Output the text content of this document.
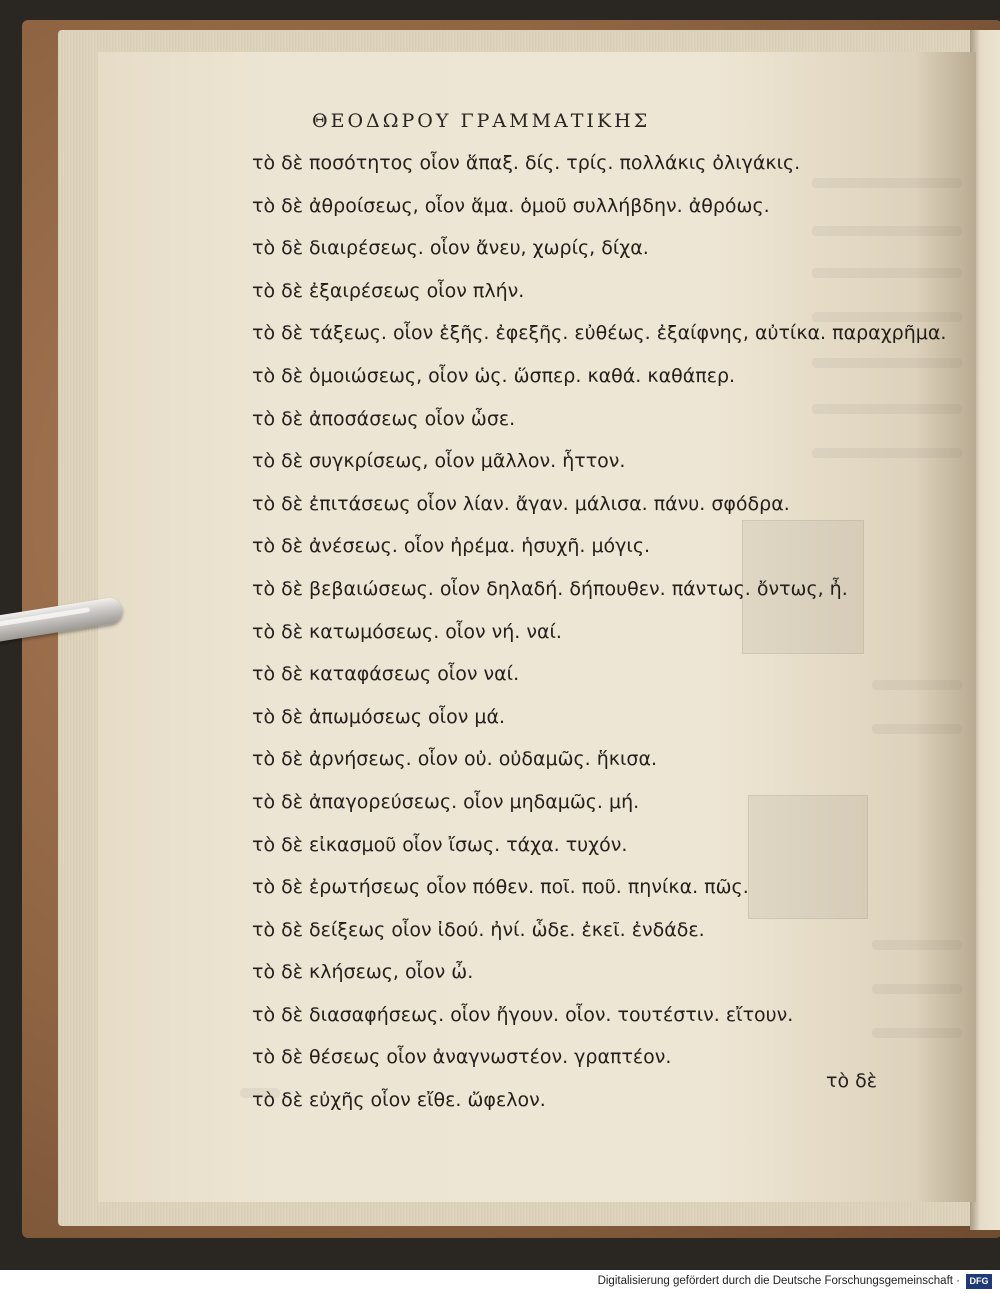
ΘΕΟΔΩΡΟΥ ΓΡΑΜΜΑΤΙΚΗΣ
τὸ δὲ ποσότητος οἷον ἅπαξ. δίς. τρίς. πολλάκις ὀλιγάκις.
τὸ δὲ ἀθροίσεως, οἷον ἅμα. ὁμοῦ συλλήβδην. ἀθρόως.
τὸ δὲ διαιρέσεως. οἷον ἄνευ, χωρίς, δίχα.
τὸ δὲ ἐξαιρέσεως οἷον πλήν.
τὸ δὲ τάξεως. οἷον ἑξῆς. ἐφεξῆς. εὐθέως. ἐξαίφνης, αὐτίκα. παραχρῆμα.
τὸ δὲ ὁμοιώσεως, οἷον ὡς. ὥσπερ. καθά. καθάπερ.
τὸ δὲ ἀποσάσεως οἷον ὧσε.
τὸ δὲ συγκρίσεως, οἷον μᾶλλον. ἧττον.
τὸ δὲ ἐπιτάσεως οἷον λίαν. ἄγαν. μάλισα. πάνυ. σφόδρα.
τὸ δὲ ἀνέσεως. οἷον ἠρέμα. ἡσυχῆ. μόγις.
τὸ δὲ βεβαιώσεως. οἷον δηλαδή. δήπουθεν. πάντως. ὄντως, ἦ.
τὸ δὲ κατωμόσεως. οἷον νή. ναί.
τὸ δὲ καταφάσεως οἷον ναί.
τὸ δὲ ἀπωμόσεως οἷον μά.
τὸ δὲ ἀρνήσεως. οἷον οὐ. οὐδαμῶς. ἥκισα.
τὸ δὲ ἀπαγορεύσεως. οἷον μηδαμῶς. μή.
τὸ δὲ εἰκασμοῦ οἷον ἴσως. τάχα. τυχόν.
τὸ δὲ ἐρωτήσεως οἷον πόθεν. ποῖ. ποῦ. πηνίκα. πῶς.
τὸ δὲ δείξεως οἷον ἰδού. ἠνί. ὧδε. ἐκεῖ. ἐνδάδε.
τὸ δὲ κλήσεως, οἷον ὦ.
τὸ δὲ διασαφήσεως. οἷον ἤγουν. οἷον. τουτέστιν. εἴτουν.
τὸ δὲ θέσεως οἷον ἀναγνωστέον. γραπτέον.
τὸ δὲ εὐχῆς οἷον εἴθε. ὤφελον.
τὸ δὲ
Digitalisierung gefördert durch die Deutsche Forschungsgemeinschaft ·	DFG
